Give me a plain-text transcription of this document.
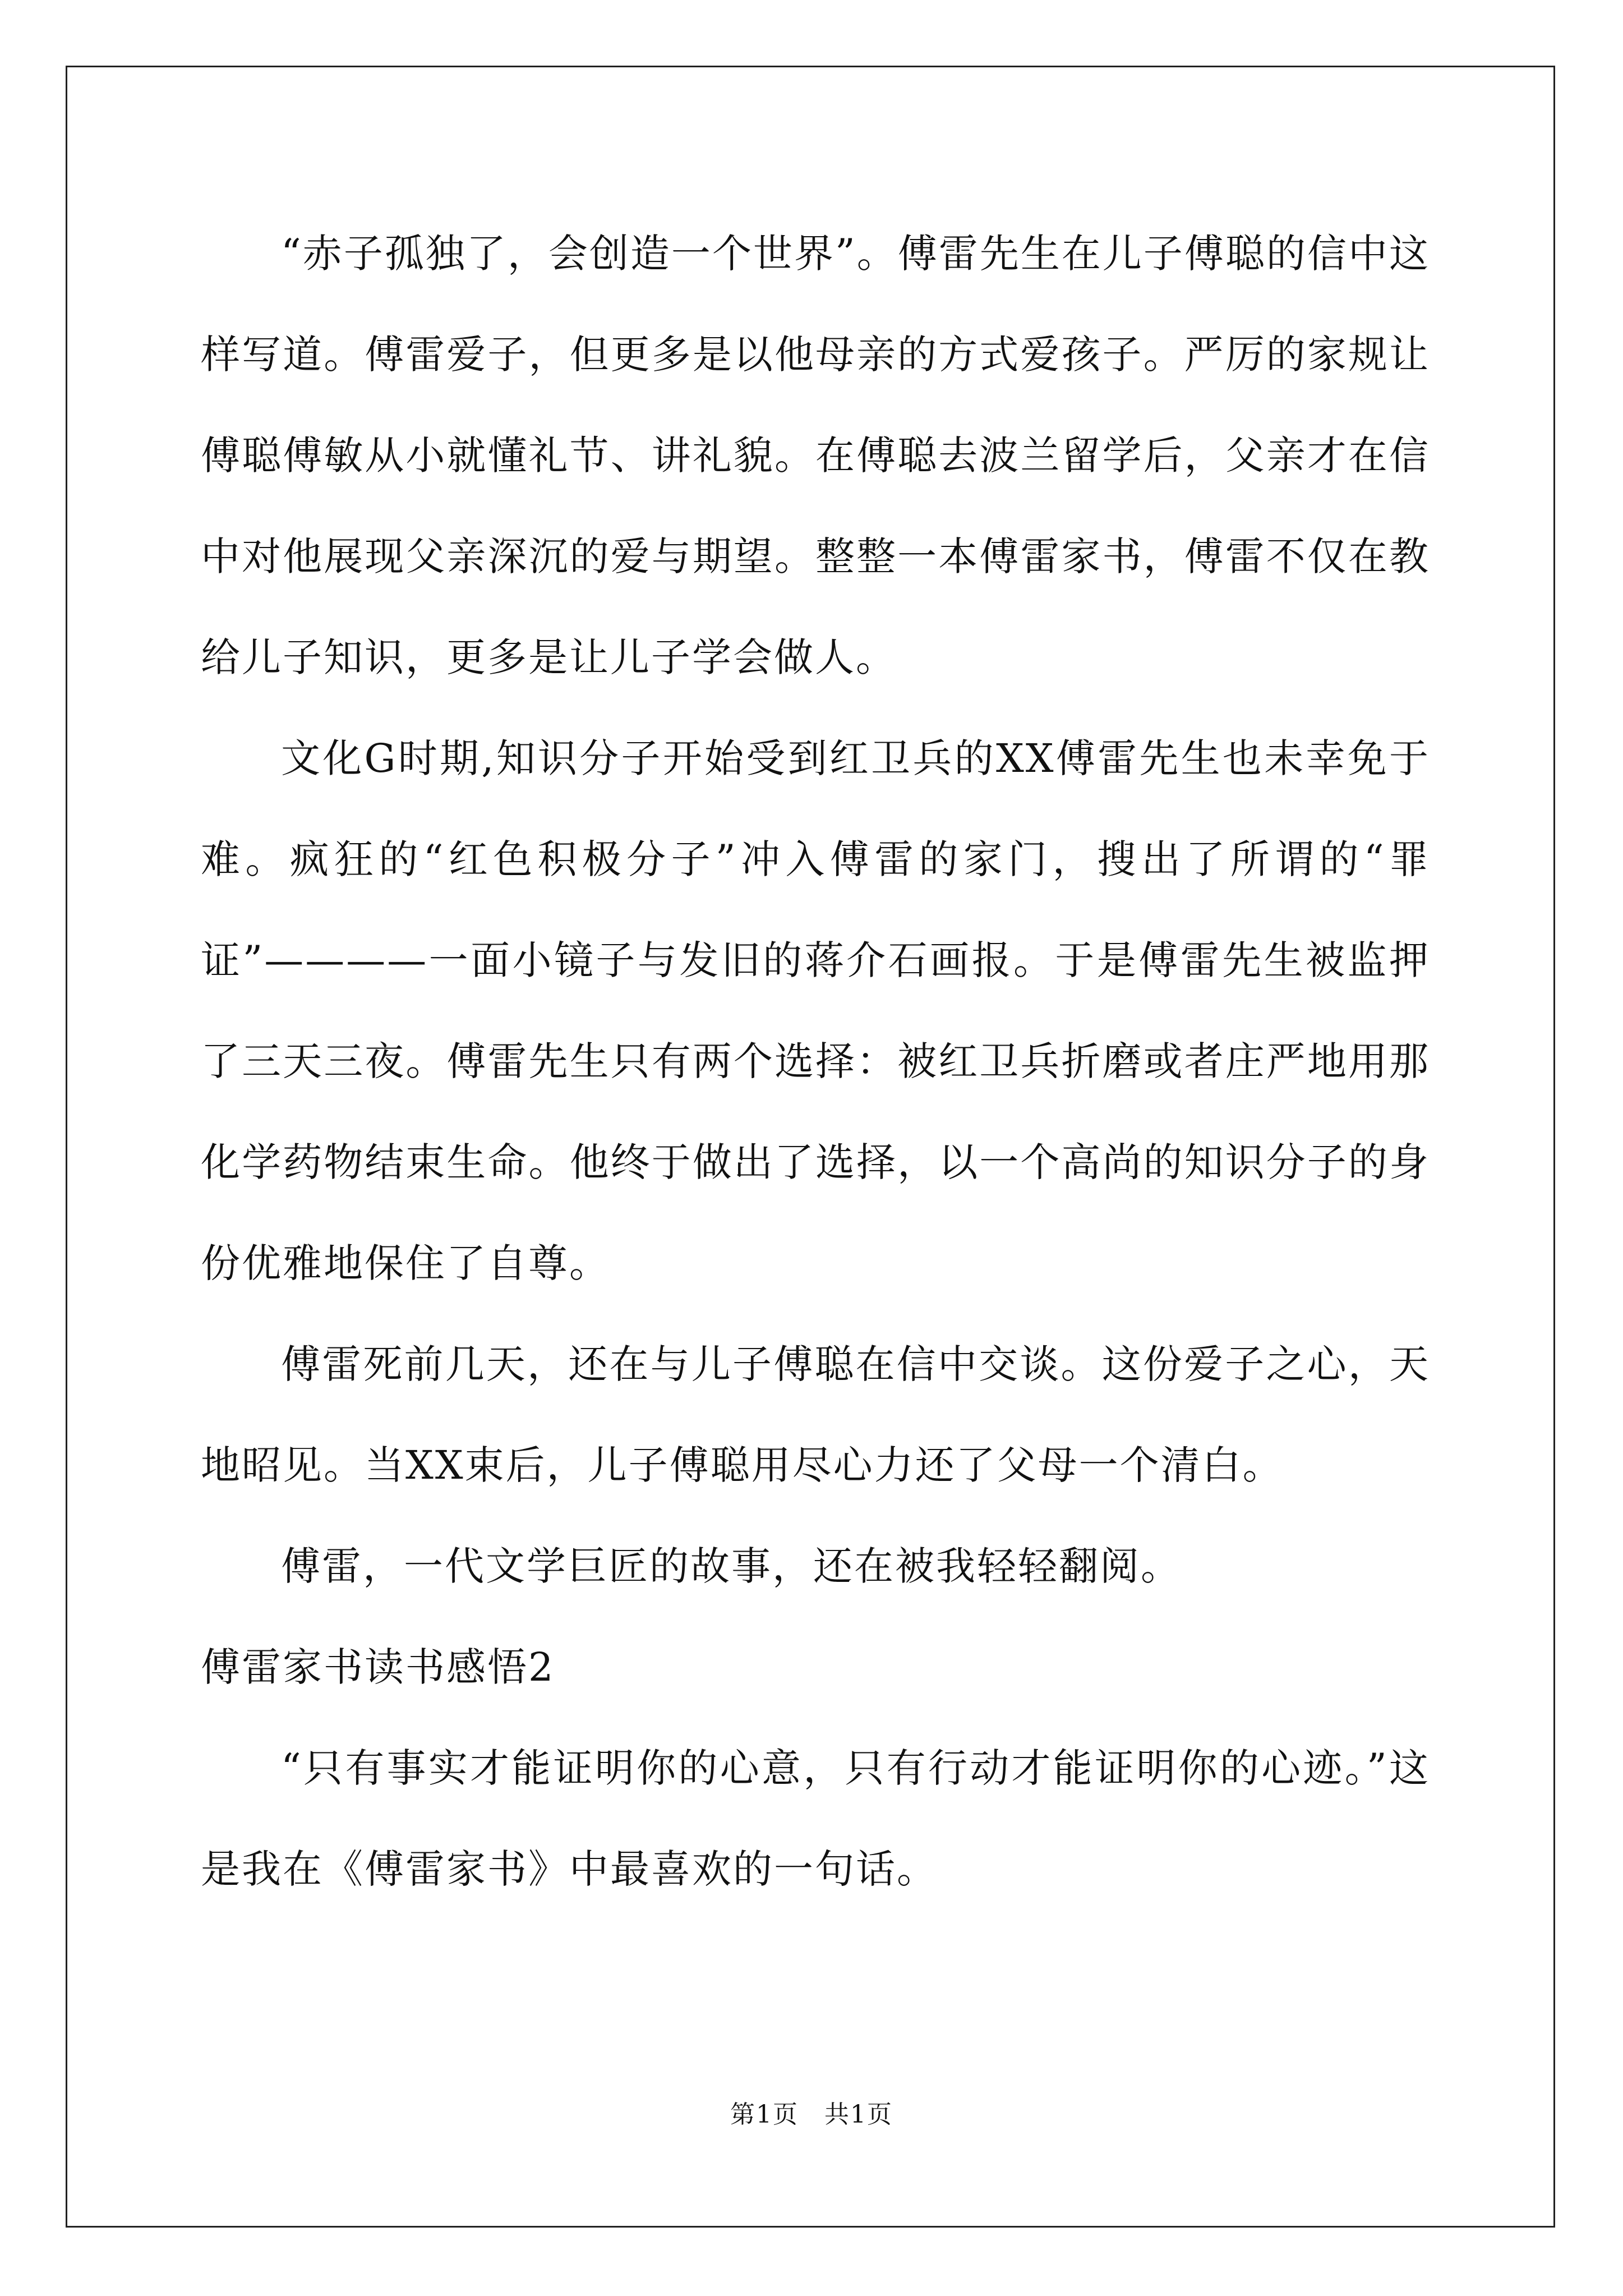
“赤子孤独了，会创造一个世界”。傅雷先生在儿子傅聪的信中这样写道。傅雷爱子，但更多是以他母亲的方式爱孩子。严厉的家规让傅聪傅敏从小就懂礼节、讲礼貌。在傅聪去波兰留学后，父亲才在信中对他展现父亲深沉的爱与期望。整整一本傅雷家书，傅雷不仅在教给儿子知识，更多是让儿子学会做人。

文化G时期,知识分子开始受到红卫兵的XX傅雷先生也未幸免于难。疯狂的“红色积极分子”冲入傅雷的家门，搜出了所谓的“罪证”————一面小镜子与发旧的蒋介石画报。于是傅雷先生被监押了三天三夜。傅雷先生只有两个选择：被红卫兵折磨或者庄严地用那化学药物结束生命。他终于做出了选择，以一个高尚的知识分子的身份优雅地保住了自尊。

傅雷死前几天，还在与儿子傅聪在信中交谈。这份爱子之心，天地昭见。当XX束后，儿子傅聪用尽心力还了父母一个清白。

傅雷，一代文学巨匠的故事，还在被我轻轻翻阅。

傅雷家书读书感悟2

“只有事实才能证明你的心意，只有行动才能证明你的心迹。”这是我在《傅雷家书》中最喜欢的一句话。

第1页　共1页
